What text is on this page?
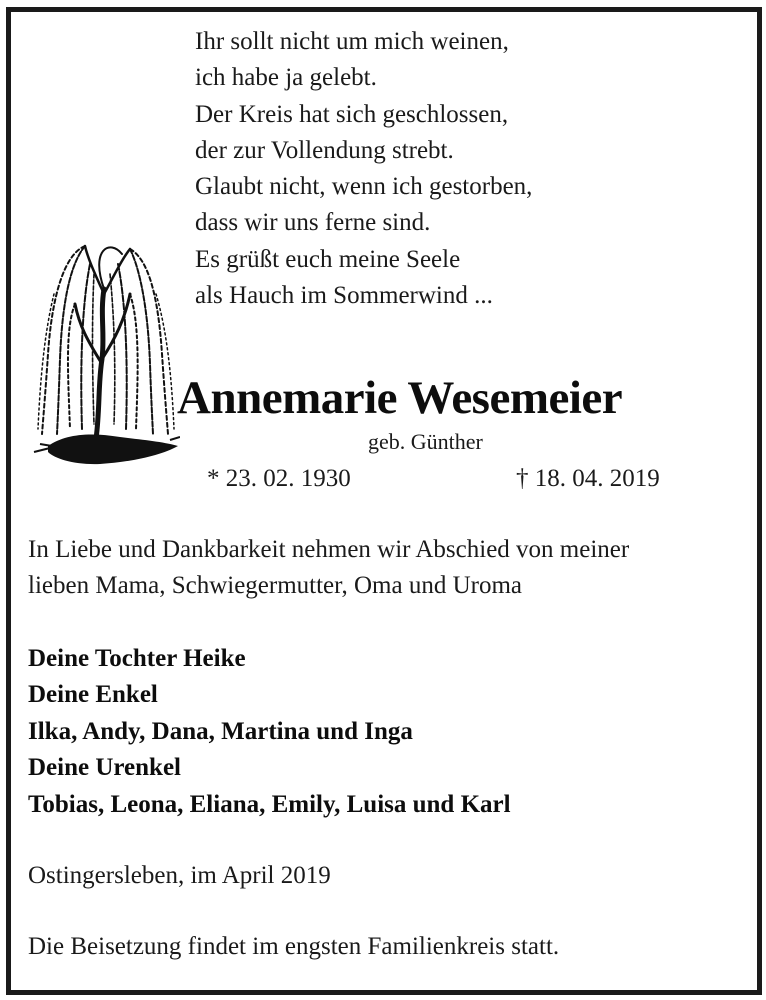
Ihr sollt nicht um mich weinen,
ich habe ja gelebt.
Der Kreis hat sich geschlossen,
der zur Vollendung strebt.
Glaubt nicht, wenn ich gestorben,
dass wir uns ferne sind.
Es grüßt euch meine Seele
als Hauch im Sommerwind ...
Annemarie Wesemeier
geb. Günther
* 23. 02. 1930	† 18. 04. 2019
In Liebe und Dankbarkeit nehmen wir Abschied von meiner
lieben Mama, Schwiegermutter, Oma und Uroma
Deine Tochter Heike
Deine Enkel
Ilka, Andy, Dana, Martina und Inga
Deine Urenkel
Tobias, Leona, Eliana, Emily, Luisa und Karl
Ostingersleben, im April 2019
Die Beisetzung findet im engsten Familienkreis statt.
